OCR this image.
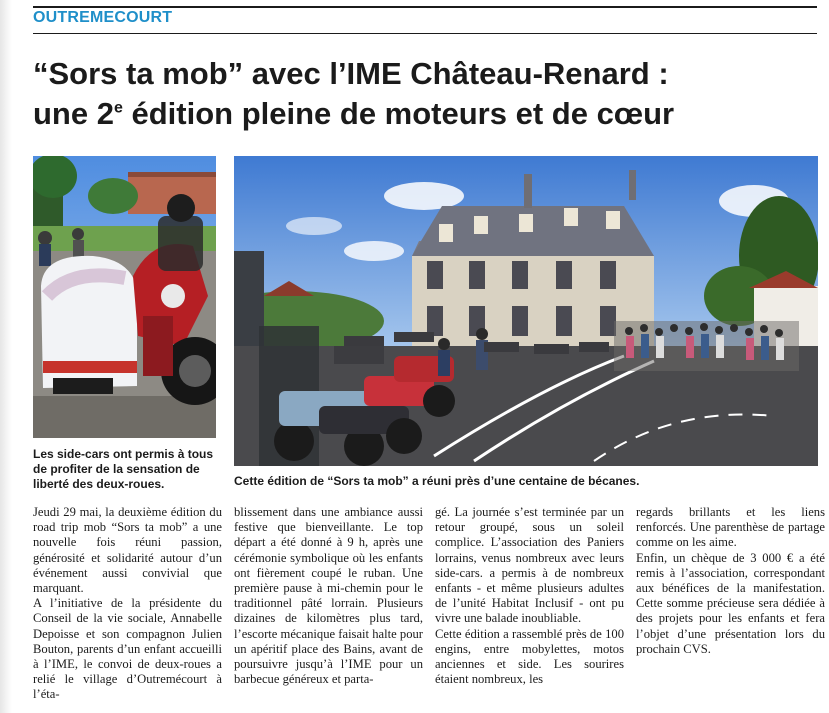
OUTREMECOURT
“Sors ta mob” avec l’IME Château-Renard :
une 2e édition pleine de moteurs et de cœur
Les side-cars ont permis à tous de profiter de la sensation de liberté des deux-roues.	Cette édition de “Sors ta mob” a réuni près d’une centaine de bécanes.

Jeudi 29 mai, la deuxième édition du road trip mob “Sors ta mob” a une nouvelle fois réuni passion, générosité et solidarité autour d’un événement aussi convivial que marquant.

A l’initiative de la présidente du Conseil de la vie sociale, Annabelle Depoisse et son compagnon Julien Bouton, parents d’un enfant accueilli à l’IME, le convoi de deux-roues a relié le village d’Outremécourt à l’éta-

blissement dans une ambiance aussi festive que bienveillante. Le top départ a été donné à 9 h, après une cérémonie symbolique où les enfants ont fièrement coupé le ruban. Une première pause à mi-chemin pour le traditionnel pâté lorrain. Plusieurs dizaines de kilomètres plus tard, l’escorte mécanique faisait halte pour un apéritif place des Bains, avant de poursuivre jusqu’à l’IME pour un barbecue généreux et parta-

gé. La journée s’est terminée par un retour groupé, sous un soleil complice. L’association des Paniers lorrains, venus nombreux avec leurs side-cars. a permis à de nombreux enfants - et même plusieurs adultes de l’unité Habitat Inclusif - ont pu vivre une balade inoubliable.

Cette édition a rassemblé près de 100 engins, entre mobylettes, motos anciennes et side. Les sourires étaient nombreux, les

regards brillants et les liens renforcés. Une parenthèse de partage comme on les aime.

Enfin, un chèque de 3 000 € a été remis à l’association, correspondant aux bénéfices de la manifestation. Cette somme précieuse sera dédiée à des projets pour les enfants et fera l’objet d’une présentation lors du prochain CVS.
